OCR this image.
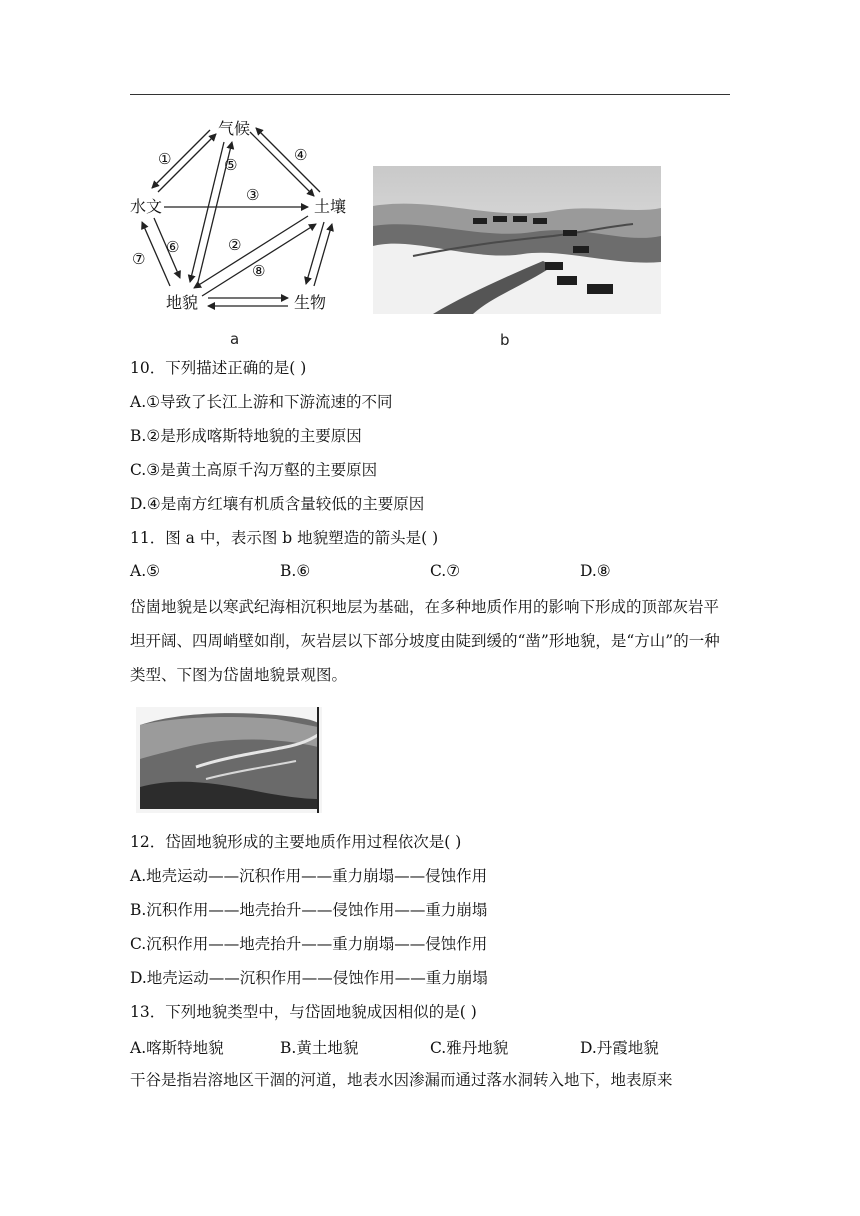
气候
水文	土壤
地貌	生物
①	⑤
④
③
⑥	②
⑦
⑧
a	b
10．下列描述正确的是( )
A.①导致了长江上游和下游流速的不同
B.②是形成喀斯特地貌的主要原因
C.③是黄土高原千沟万壑的主要原因
D.④是南方红壤有机质含量较低的主要原因
11．图 a 中，表示图 b 地貌塑造的箭头是( )
A.⑤	B.⑥	C.⑦	D.⑧
岱崮地貌是以寒武纪海相沉积地层为基础，在多种地质作用的影响下形成的顶部灰岩平坦开阔、四周峭壁如削，灰岩层以下部分坡度由陡到缓的“凿”形地貌，是“方山”的一种类型、下图为岱崮地貌景观图。
12．岱固地貌形成的主要地质作用过程依次是( )
A.地壳运动——沉积作用——重力崩塌——侵蚀作用
B.沉积作用——地壳抬升——侵蚀作用——重力崩塌
C.沉积作用——地壳抬升——重力崩塌——侵蚀作用
D.地壳运动——沉积作用——侵蚀作用——重力崩塌
13．下列地貌类型中，与岱固地貌成因相似的是( )
A.喀斯特地貌	B.黄土地貌	C.雅丹地貌	D.丹霞地貌
干谷是指岩溶地区干涸的河道，地表水因渗漏而通过落水洞转入地下，地表原来
